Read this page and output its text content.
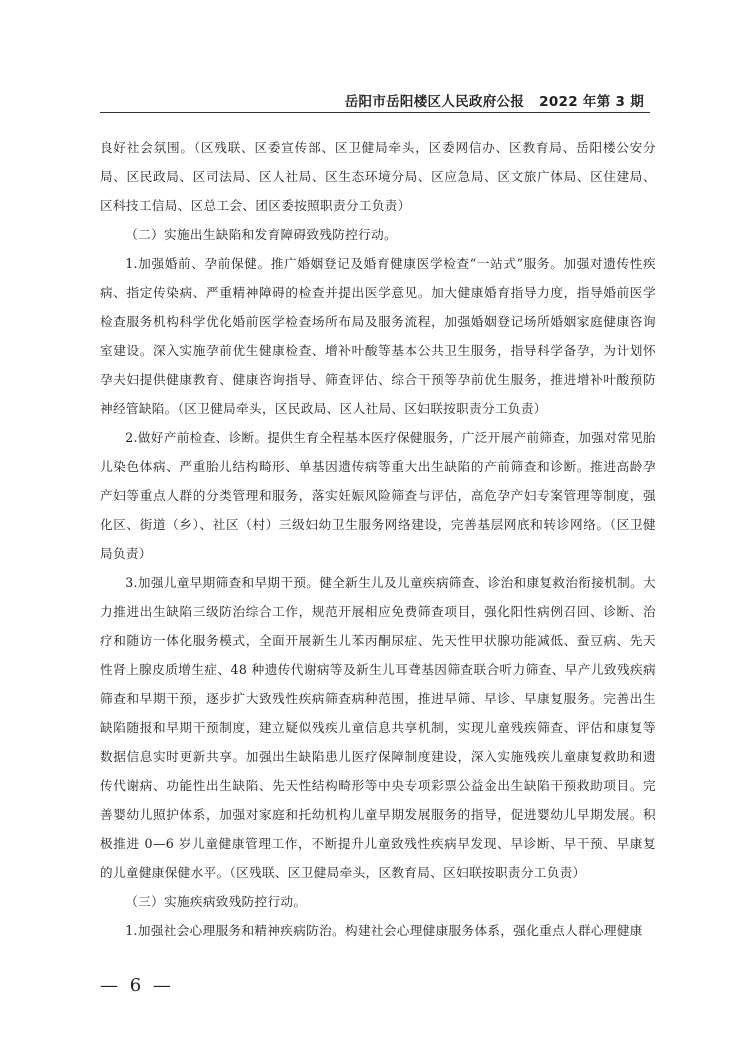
岳阳市岳阳楼区人民政府公报 2022 年第 3 期

良好社会氛围。（区残联、区委宣传部、区卫健局牵头，区委网信办、区教育局、岳阳楼公安分局、区民政局、区司法局、区人社局、区生态环境分局、区应急局、区文旅广体局、区住建局、区科技工信局、区总工会、团区委按照职责分工负责）

（二）实施出生缺陷和发育障碍致残防控行动。

1.加强婚前、孕前保健。推广婚姻登记及婚育健康医学检查“一站式”服务。加强对遗传性疾病、指定传染病、严重精神障碍的检查并提出医学意见。加大健康婚育指导力度，指导婚前医学检查服务机构科学优化婚前医学检查场所布局及服务流程，加强婚姻登记场所婚姻家庭健康咨询室建设。深入实施孕前优生健康检查、增补叶酸等基本公共卫生服务，指导科学备孕，为计划怀孕夫妇提供健康教育、健康咨询指导、筛查评估、综合干预等孕前优生服务，推进增补叶酸预防神经管缺陷。（区卫健局牵头，区民政局、区人社局、区妇联按职责分工负责）

2.做好产前检查、诊断。提供生育全程基本医疗保健服务，广泛开展产前筛查，加强对常见胎儿染色体病、严重胎儿结构畸形、单基因遗传病等重大出生缺陷的产前筛查和诊断。推进高龄孕产妇等重点人群的分类管理和服务，落实妊娠风险筛查与评估，高危孕产妇专案管理等制度，强化区、街道（乡）、社区（村）三级妇幼卫生服务网络建设，完善基层网底和转诊网络。（区卫健局负责）

3.加强儿童早期筛查和早期干预。健全新生儿及儿童疾病筛查、诊治和康复救治衔接机制。大力推进出生缺陷三级防治综合工作，规范开展相应免费筛查项目，强化阳性病例召回、诊断、治疗和随访一体化服务模式，全面开展新生儿苯丙酮尿症、先天性甲状腺功能减低、蚕豆病、先天性肾上腺皮质增生症、48 种遗传代谢病等及新生儿耳聋基因筛查联合听力筛查、早产儿致残疾病筛查和早期干预，逐步扩大致残性疾病筛查病种范围，推进早筛、早诊、早康复服务。完善出生缺陷随报和早期干预制度，建立疑似残疾儿童信息共享机制，实现儿童残疾筛查、评估和康复等数据信息实时更新共享。加强出生缺陷患儿医疗保障制度建设，深入实施残疾儿童康复救助和遗传代谢病、功能性出生缺陷、先天性结构畸形等中央专项彩票公益金出生缺陷干预救助项目。完善婴幼儿照护体系，加强对家庭和托幼机构儿童早期发展服务的指导，促进婴幼儿早期发展。积极推进 0—6 岁儿童健康管理工作，不断提升儿童致残性疾病早发现、早诊断、早干预、早康复的儿童健康保健水平。（区残联、区卫健局牵头，区教育局、区妇联按职责分工负责）

（三）实施疾病致残防控行动。

1.加强社会心理服务和精神疾病防治。构建社会心理健康服务体系，强化重点人群心理健康

— 6 —
